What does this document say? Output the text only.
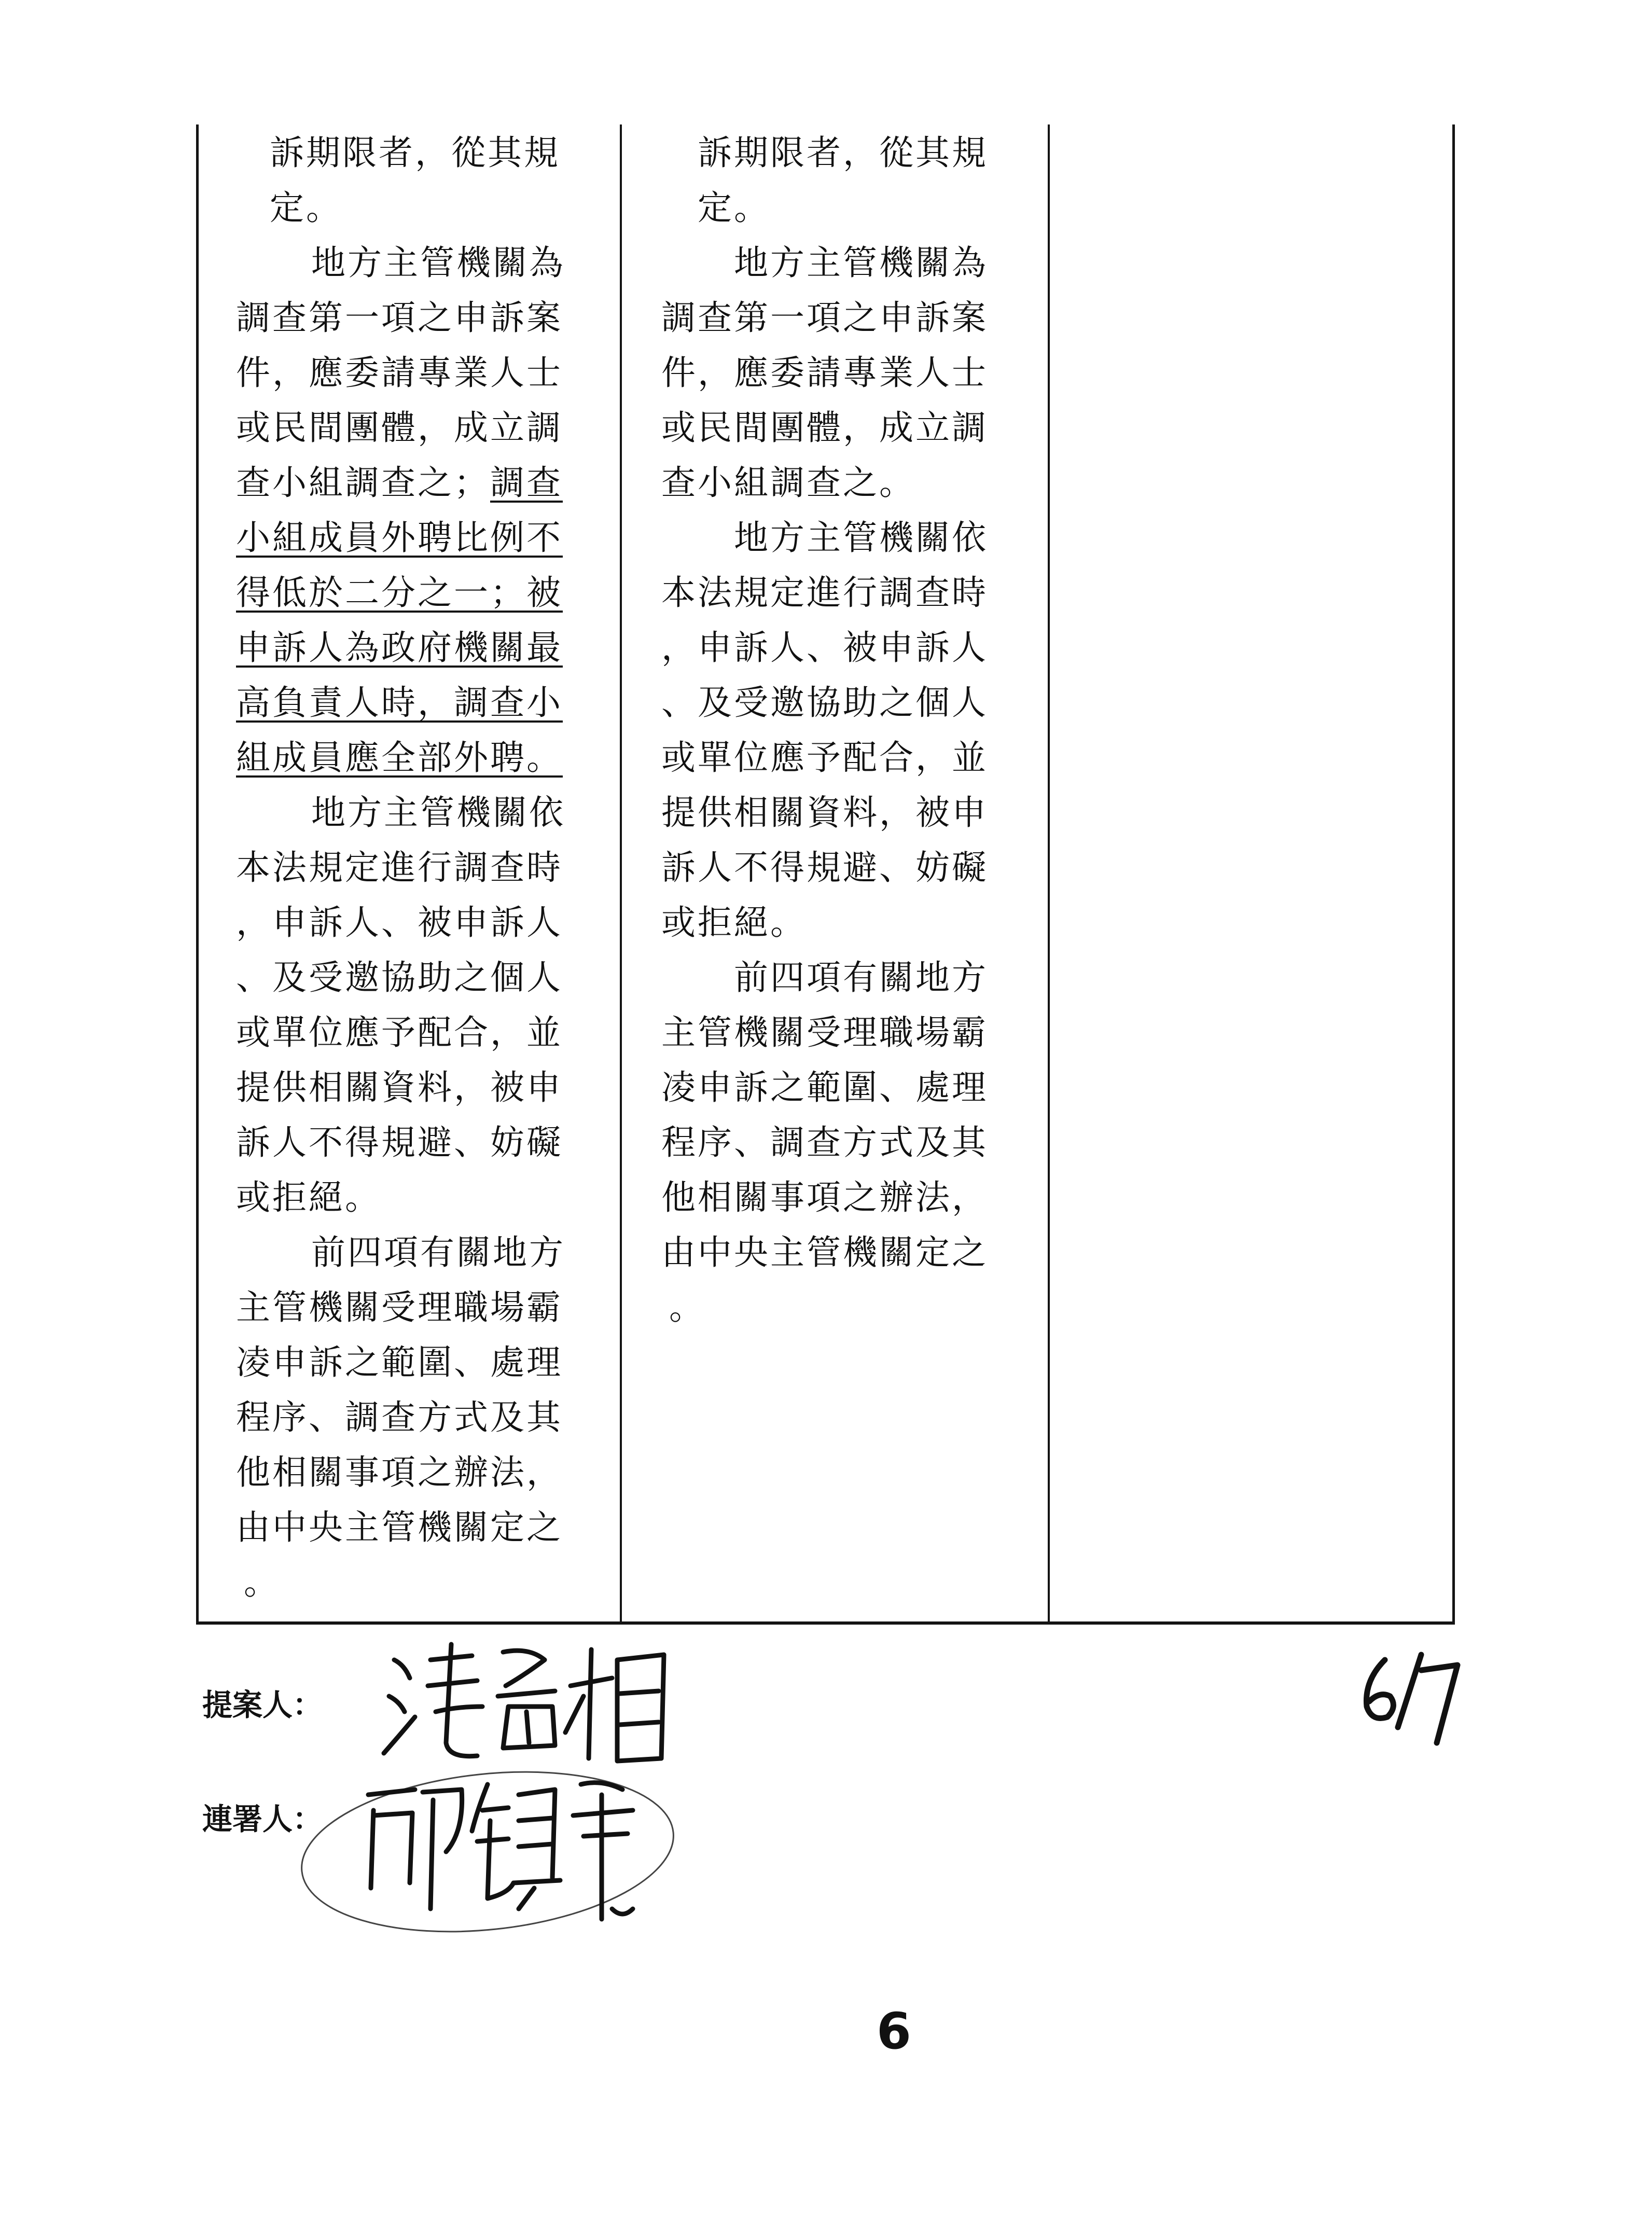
訴期限者，從其規
定。
地方主管機關為
調查第一項之申訴案
件，應委請專業人士
或民間團體，成立調
查小組調查之；調查
小組成員外聘比例不
得低於二分之一；被
申訴人為政府機關最
高負責人時，調查小
組成員應全部外聘。
地方主管機關依
本法規定進行調查時
，申訴人、被申訴人
、及受邀協助之個人
或單位應予配合，並
提供相關資料，被申
訴人不得規避、妨礙
或拒絕。
前四項有關地方
主管機關受理職場霸
凌申訴之範圍、處理
程序、調查方式及其
他相關事項之辦法，
由中央主管機關定之
。
訴期限者，從其規
定。
地方主管機關為
調查第一項之申訴案
件，應委請專業人士
或民間團體，成立調
查小組調查之。
地方主管機關依
本法規定進行調查時
，申訴人、被申訴人
、及受邀協助之個人
或單位應予配合，並
提供相關資料，被申
訴人不得規避、妨礙
或拒絕。
前四項有關地方
主管機關受理職場霸
凌申訴之範圍、處理
程序、調查方式及其
他相關事項之辦法，
由中央主管機關定之
。
提案人：
連署人：
6/7
6
